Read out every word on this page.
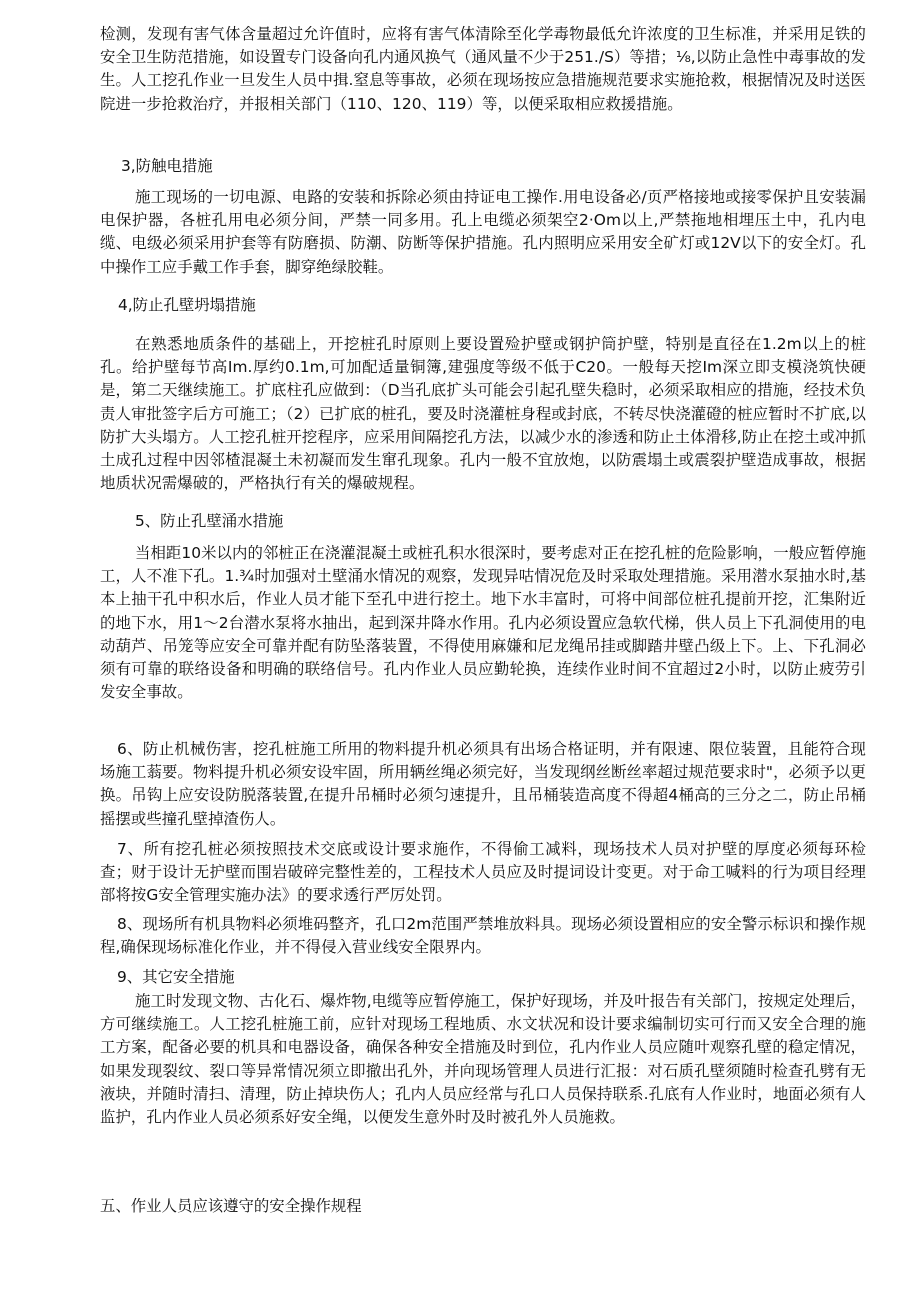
检测，发现有害气体含量超过允许值时，应将有害气体清除至化学毒物最低允许浓度的卫生标准，并采用足铁的安全卫生防范措施，如设置专门设备向孔内通风换气（通风量不少于251./S）等措；⅛,以防止急性中毒事故的发生。人工挖孔作业一旦发生人员中揖.窒息等事故，必须在现场按应急措施规范要求实施抢救，根据情况及时送医院进一步抢救治疗，并报相关部门（110、120、119）等，以便采取相应救援措施。

3,防触电措施

施工现场的一切电源、电路的安装和拆除必须由持证电工操作.用电设备必/页严格接地或接零保护且安装漏电保护器，各桩孔用电必须分间，严禁一同多用。孔上电缆必须架空2·Om以上,严禁拖地相埋压土中，孔内电缆、电级必须采用护套等有防磨损、防潮、防断等保护措施。孔内照明应采用安全矿灯或12V以下的安全灯。孔中操作工应手戴工作手套，脚穿绝绿胶鞋。

4,防止孔壁坍塌措施

在熟悉地质条件的基础上，开挖桩孔时原则上要设置殓护壁或钢护筒护壁，特别是直径在1.2m以上的桩孔。给护壁每节高Im.厚约0.1m,可加配适量铜簿,建强度等级不低于C20。一般每天挖Im深立即支模浇筑快硬是，第二天继续施工。扩底柱孔应做到：（D当孔底扩头可能会引起孔壁失稳时，必须采取相应的措施，经技术负责人审批签字后方可施工；（2）已扩底的桩孔，要及时浇灌桩身程或封底，不转尽快浇灌磴的桩应暂时不扩底,以防扩大头塌方。人工挖孔桩开挖程序，应采用间隔挖孔方法，以减少水的渗透和防止土体滑移,防止在挖土或冲抓土成孔过程中因邻楂混凝土未初凝而发生窜孔现象。孔内一般不宜放炮，以防震塌土或震裂护壁造成事故，根据地质状况需爆破的，严格执行有关的爆破规程。

5、防止孔壁涌水措施

当相距10米以内的邻桩正在浇灌混凝土或桩孔积水很深时，要考虑对正在挖孔桩的危险影响，一般应暂停施工，人不准下孔。1.¾时加强对土壁涌水情况的观察，发现异咕情况危及时采取处理措施。采用潜水泵抽水时,基本上抽干孔中积水后，作业人员才能下至孔中进行挖土。地下水丰富时，可将中间部位桩孔提前开挖，汇集附近的地下水，用1～2台潜水泵将水抽出，起到深井降水作用。孔内必须设置应急软代梯，供人员上下孔洞使用的电动葫芦、吊笼等应安全可靠并配有防坠落装置，不得使用麻嫌和尼龙绳吊挂或脚踏井壁凸级上下。上、下孔洞必须有可靠的联络设备和明确的联络信号。孔内作业人员应勤轮换，连续作业时间不宜超过2小时，以防止疲劳引发安全事故。

6、防止机械伤害，挖孔桩施工所用的物料提升机必须具有出场合格证明，并有限速、限位装置，且能符合现场施工蓊要。物料提升机必须安设牢固，所用辆丝绳必须完好，当发现纲丝断丝率超过规范要求时"，必须予以更换。吊钩上应安设防脱落装置,在提升吊桶时必须匀速提升，且吊桶装造高度不得超4桶高的三分之二，防止吊桶摇摆或些撞孔壁掉渣伤人。

7、所有挖孔桩必须按照技术交底或设计要求施作，不得偷工减料，现场技术人员对护壁的厚度必须每环检查；财于设计无护壁而围岩破碎完整性差的，工程技术人员应及时提词设计变更。对于命工喊料的行为项目经理部将按G安全管理实施办法》的要求透行严厉处罚。

8、现场所有机具物料必须堆码整齐，孔口2m范围严禁堆放料具。现场必须设置相应的安全警示标识和操作规程,确保现场标准化作业，并不得侵入营业线安全限界内。

9、其它安全措施

施工时发现文物、古化石、爆炸物,电缆等应暂停施工，保护好现场，并及叶报告有关部门，按规定处理后，方可继续施工。人工挖孔桩施工前，应针对现场工程地质、水文状况和设计要求编制切实可行而又安全合理的施工方案，配备必要的机具和电器设备，确保各种安全措施及时到位，孔内作业人员应随叶观察孔壁的稳定情况，如果发现裂纹、裂口等异常情况须立即撤出孔外，并向现场管理人员进行汇报：对石质孔壁须随时检查孔劈有无液块，并随时清扫、清理，防止掉块伤人；孔内人员应经常与孔口人员保持联系.孔底有人作业时，地面必须有人监护，孔内作业人员必须系好安全绳，以便发生意外时及时被孔外人员施救。

五、作业人员应该遵守的安全操作规程
